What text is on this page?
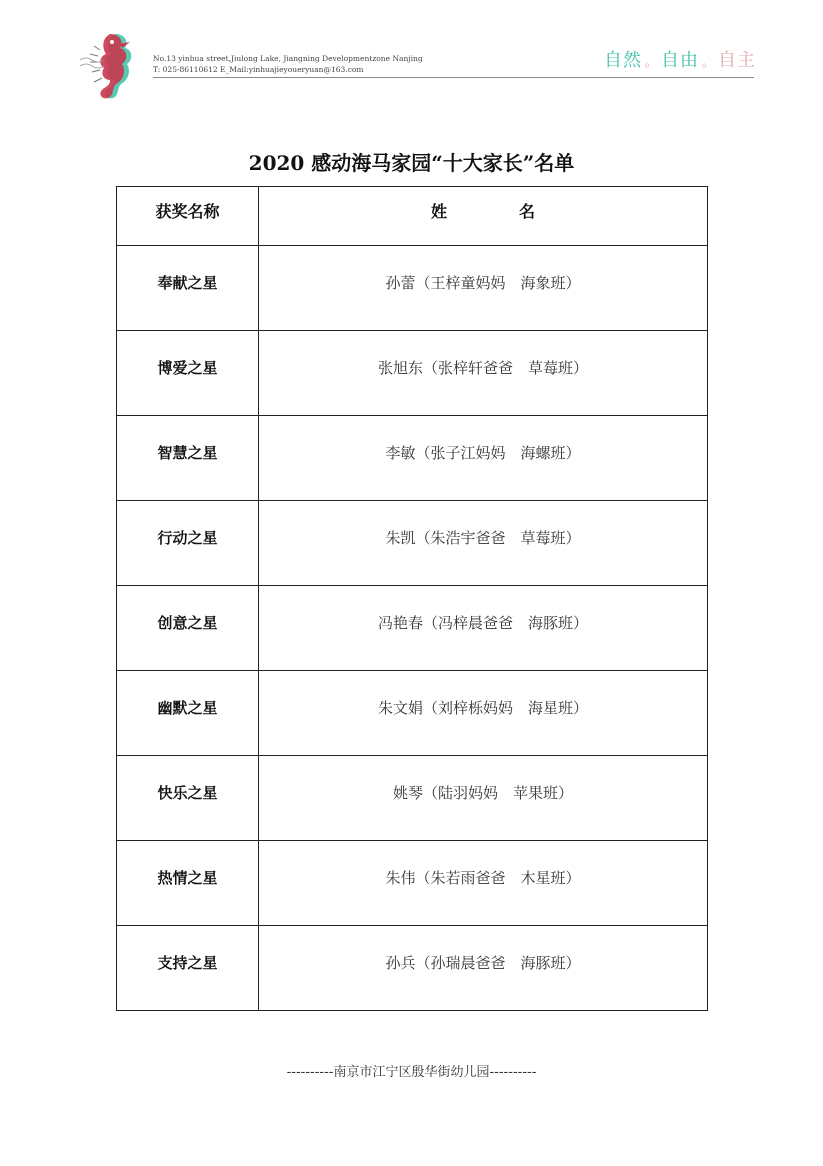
No.13 yinhua street,Jiulong Lake, Jiangning Developmentzone Nanjing
T: 025-86110612 E_Mail:yinhuajieyoueryuan@163.com	自然 。 自由 。 自主
2020 感动海马家园“十大家长”名单
获奖名称	姓　名

奉献之星	孙蕾（王梓童妈妈　海象班）

博爱之星	张旭东（张梓轩爸爸　草莓班）

智慧之星	李敏（张子江妈妈　海螺班）

行动之星	朱凯（朱浩宇爸爸　草莓班）

创意之星	冯艳春（冯梓晨爸爸　海豚班）

幽默之星	朱文娟（刘梓栎妈妈　海星班）

快乐之星	姚琴（陆羽妈妈　苹果班）

热情之星	朱伟（朱若雨爸爸　木星班）

支持之星	孙兵（孙瑞晨爸爸　海豚班）
----------南京市江宁区殷华街幼儿园----------
